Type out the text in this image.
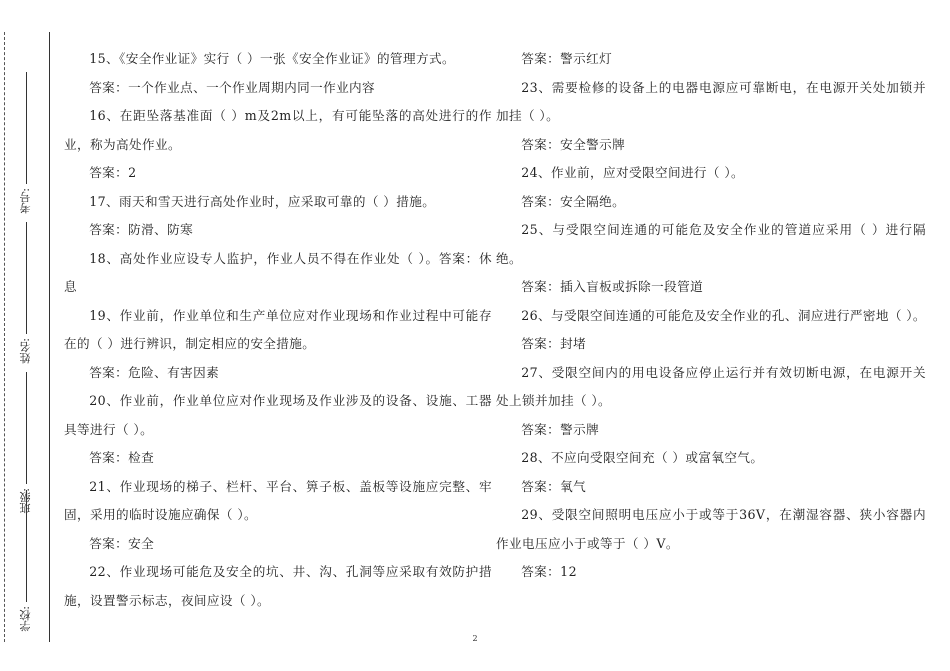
考号:
姓名:
班级:
学校:

15、《安全作业证》实行（ ）一张《安全作业证》的管理方式。

答案：一个作业点、一个作业周期内同一作业内容

16、在距坠落基准面（ ）m及2m以上，有可能坠落的高处进行的作业，称为高处作业。

答案：2

17、雨天和雪天进行高处作业时，应采取可靠的（ ）措施。

答案：防滑、防寒

18、高处作业应设专人监护，作业人员不得在作业处（ ）。答案：休息

19、作业前，作业单位和生产单位应对作业现场和作业过程中可能存在的（ ）进行辨识，制定相应的安全措施。

答案：危险、有害因素

20、作业前，作业单位应对作业现场及作业涉及的设备、设施、工器具等进行（ ）。

答案：检查

21、作业现场的梯子、栏杆、平台、箅子板、盖板等设施应完整、牢固，采用的临时设施应确保（ ）。

答案：安全

22、作业现场可能危及安全的坑、井、沟、孔洞等应采取有效防护措施，设置警示标志，夜间应设（ ）。

答案：警示红灯

23、需要检修的设备上的电器电源应可靠断电，在电源开关处加锁并加挂（ ）。

答案：安全警示牌

24、作业前，应对受限空间进行（ ）。

答案：安全隔绝。

25、与受限空间连通的可能危及安全作业的管道应采用（ ）进行隔绝。

答案：插入盲板或拆除一段管道

26、与受限空间连通的可能危及安全作业的孔、洞应进行严密地（ ）。

答案：封堵

27、受限空间内的用电设备应停止运行并有效切断电源，在电源开关处上锁并加挂（ ）。

答案：警示牌

28、不应向受限空间充（ ）或富氧空气。

答案：氧气

29、受限空间照明电压应小于或等于36V，在潮湿容器、狭小容器内作业电压应小于或等于（ ）V。

答案：12

2
